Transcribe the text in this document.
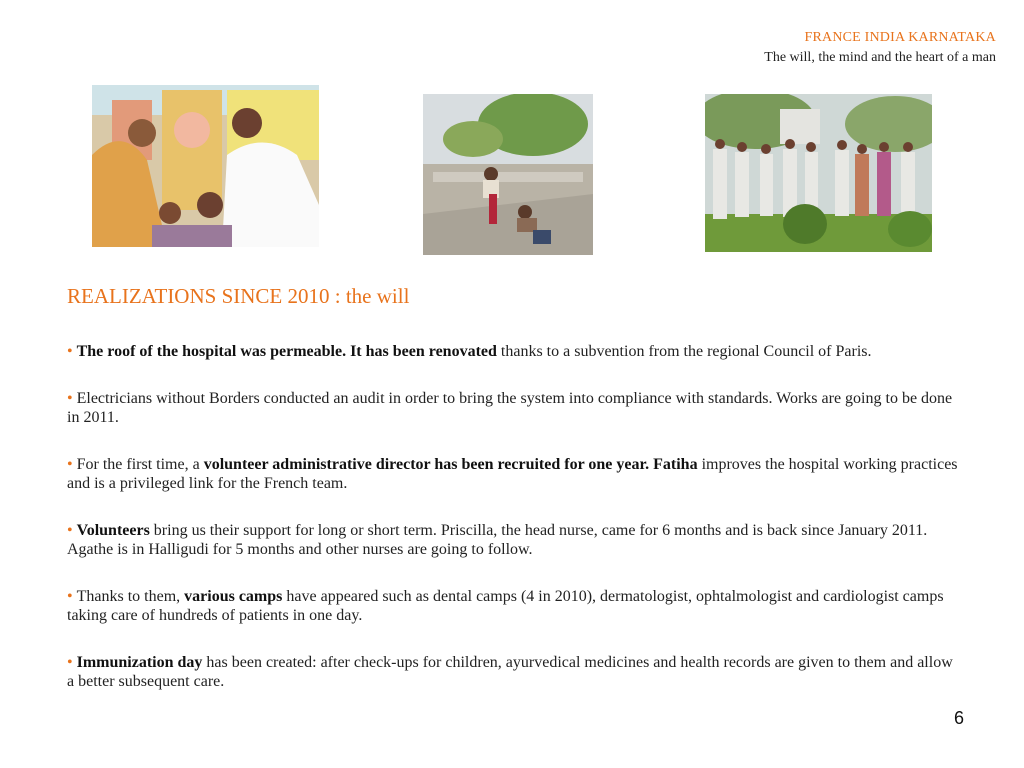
FRANCE INDIA KARNATAKA
The will, the mind and the heart of a man
REALIZATIONS SINCE 2010 : the will

• The roof of the hospital was permeable. It has been renovated thanks to a subvention from the regional Council of Paris.

• Electricians without Borders conducted an audit in order to bring the system into compliance with standards. Works are going to be done in 2011.

• For the first time, a volunteer administrative director has been recruited for one year. Fatiha improves the hospital working practices and is a privileged link for the French team.

• Volunteers bring us their support for long or short term. Priscilla, the head nurse, came for 6 months and is back since January 2011. Agathe is in Halligudi for 5 months and other nurses are going to follow.

• Thanks to them, various camps have appeared such as dental camps (4 in 2010), dermatologist, ophtalmologist and cardiologist camps taking care of hundreds of patients in one day.

• Immunization day has been created: after check-ups for children, ayurvedical medicines and health records are given to them and allow a better subsequent care.

6
